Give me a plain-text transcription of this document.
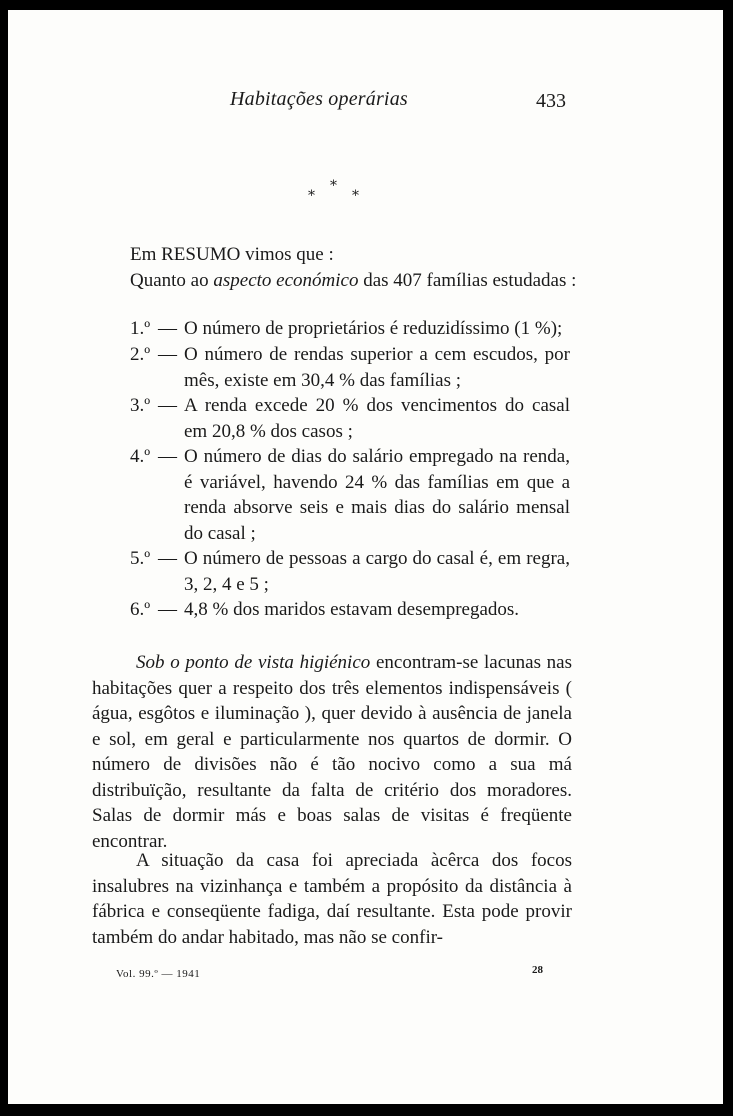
Habitações operárias	433
*
*	*
Em RESUMO vimos que :
Quanto ao aspecto económico das 407 famílias estudadas :
1.º — O número de proprietários é reduzidíssimo (1 %);
2.º — O número de rendas superior a cem escudos, por mês, existe em 30,4 % das famílias ;
3.º — A renda excede 20 % dos vencimentos do casal em 20,8 % dos casos ;
4.º — O número de dias do salário empregado na renda, é variável, havendo 24 % das famílias em que a renda absorve seis e mais dias do salário mensal do casal ;
5.º — O número de pessoas a cargo do casal é, em regra, 3, 2, 4 e 5 ;
6.º — 4,8 % dos maridos estavam desempregados.
Sob o ponto de vista higiénico encontram-se lacunas nas habitações quer a respeito dos três elementos indispensáveis ( água, esgôtos e iluminação ), quer devido à ausência de janela e sol, em geral e particularmente nos quartos de dormir. O número de divisões não é tão nocivo como a sua má distribuïção, resultante da falta de critério dos moradores. Salas de dormir más e boas salas de visitas é freqüente encontrar.
A situação da casa foi apreciada àcêrca dos focos insalubres na vizinhança e também a propósito da distância à fábrica e conseqüente fadiga, daí resultante. Esta pode provir também do andar habitado, mas não se confir-
Vol. 99.º — 1941	28
